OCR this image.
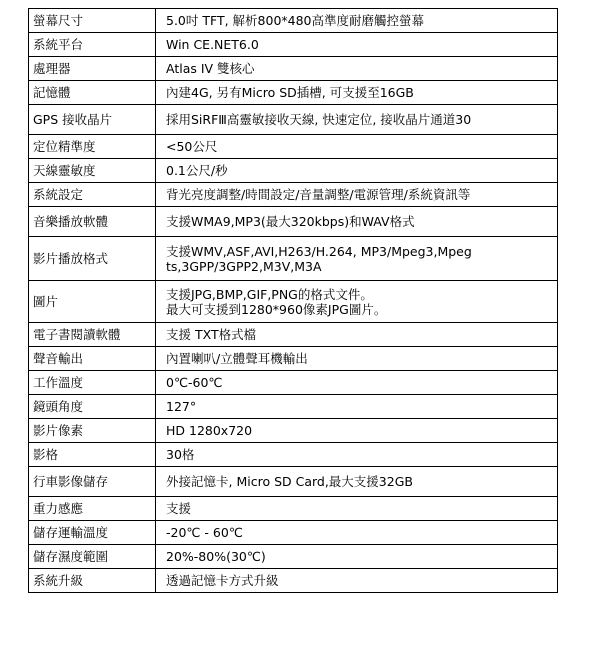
螢幕尺寸	5.0吋 TFT, 解析800*480高準度耐磨觸控螢幕
系統平台	Win CE.NET6.0
處理器	Atlas IV 雙核心
記憶體	內建4G, 另有Micro SD插槽, 可支援至16GB
GPS 接收晶片	採用SiRFⅢ高靈敏接收天線, 快速定位, 接收晶片通道30
定位精準度	<50公尺
天線靈敏度	0.1公尺/秒
系統設定	背光亮度調整/時間設定/音量調整/電源管理/系統資訊等
音樂播放軟體	支援WMA9,MP3(最大320kbps)和WAV格式
影片播放格式	支援WMV,ASF,AVI,H263/H.264, MP3/Mpeg3,Mpeg
ts,3GPP/3GPP2,M3V,M3A
圖片	支援JPG,BMP,GIF,PNG的格式文件。
最大可支援到1280*960像素JPG圖片。
電子書閱讀軟體	支援 TXT格式檔
聲音輸出	內置喇叭/立體聲耳機輸出
工作溫度	0℃-60℃
鏡頭角度	127°
影片像素	HD 1280x720
影格	30格
行車影像儲存	外接記憶卡, Micro SD Card,最大支援32GB
重力感應	支援
儲存運輸溫度	-20℃ - 60℃
儲存濕度範圍	20%-80%(30℃)
系統升級	透過記憶卡方式升級
